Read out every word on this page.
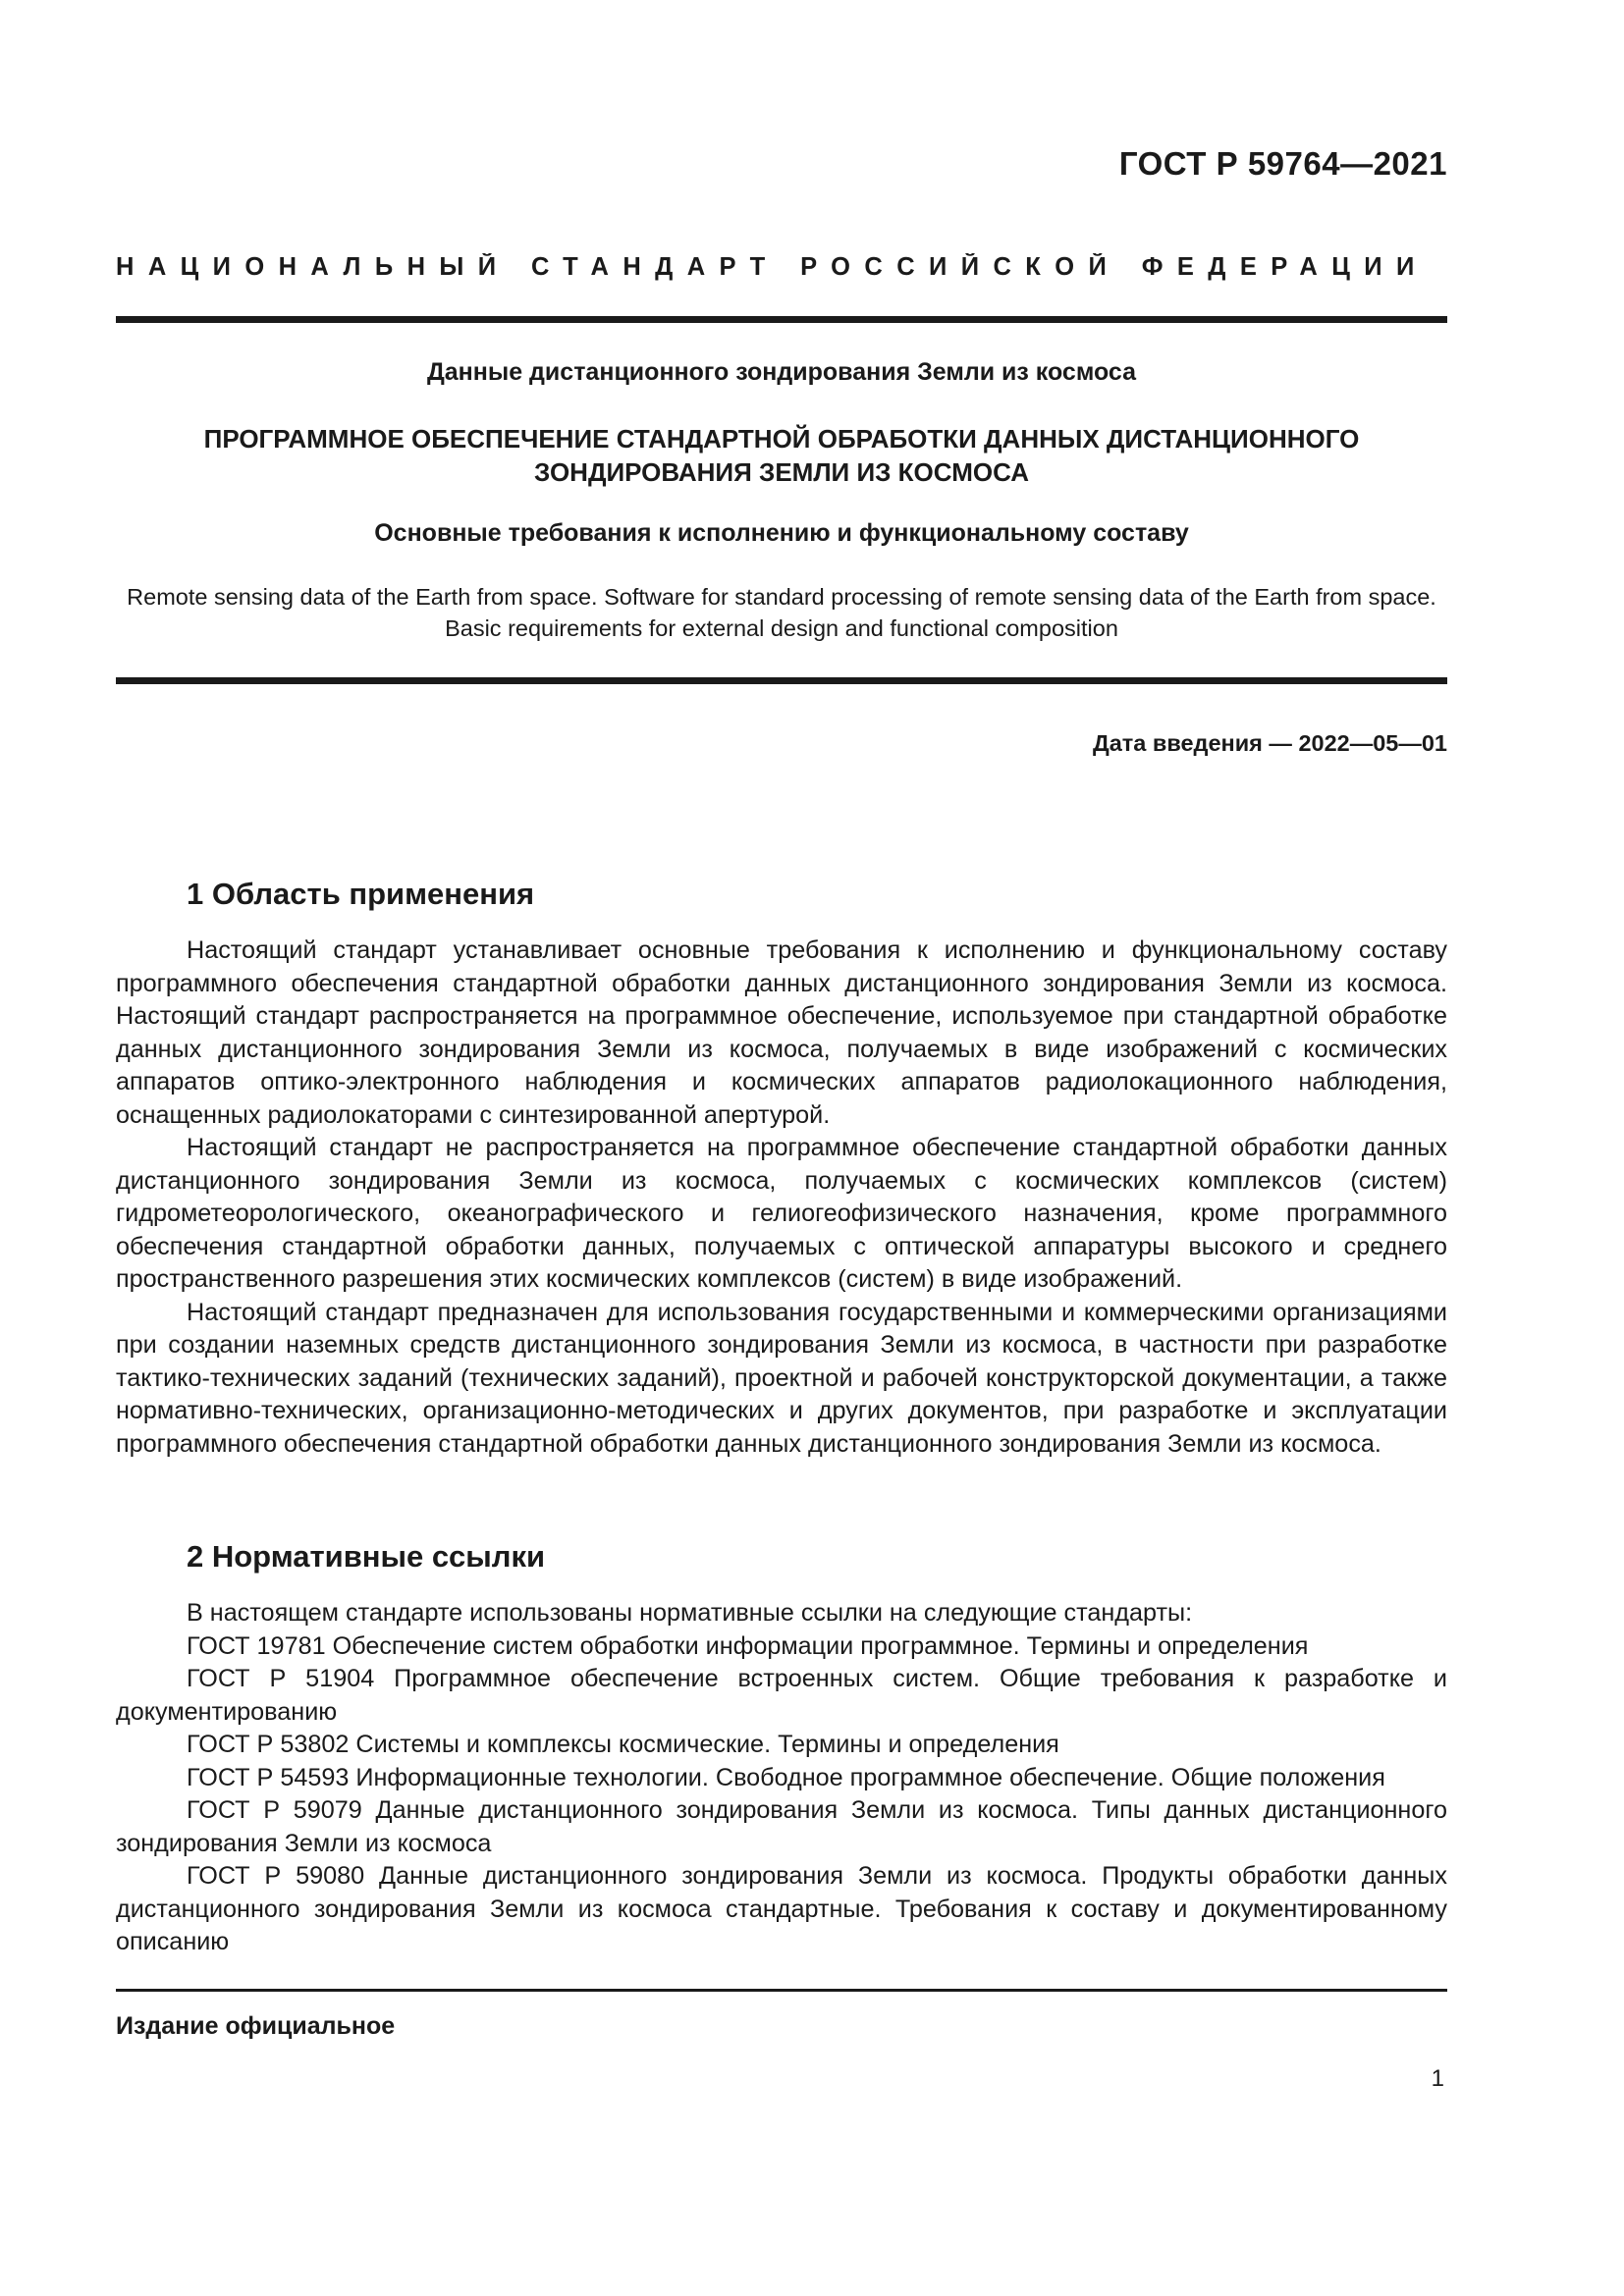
ГОСТ Р 59764—2021
НАЦИОНАЛЬНЫЙ СТАНДАРТ РОССИЙСКОЙ ФЕДЕРАЦИИ
Данные дистанционного зондирования Земли из космоса
ПРОГРАММНОЕ ОБЕСПЕЧЕНИЕ СТАНДАРТНОЙ ОБРАБОТКИ ДАННЫХ ДИСТАНЦИОННОГО ЗОНДИРОВАНИЯ ЗЕМЛИ ИЗ КОСМОСА
Основные требования к исполнению и функциональному составу
Remote sensing data of the Earth from space. Software for standard processing of remote sensing data of the Earth from space. Basic requirements for external design and functional composition
Дата введения — 2022—05—01
1 Область применения

Настоящий стандарт устанавливает основные требования к исполнению и функциональному составу программного обеспечения стандартной обработки данных дистанционного зондирования Земли из космоса. Настоящий стандарт распространяется на программное обеспечение, используемое при стандартной обработке данных дистанционного зондирования Земли из космоса, получаемых в виде изображений с космических аппаратов оптико-электронного наблюдения и космических аппаратов радиолокационного наблюдения, оснащенных радиолокаторами с синтезированной апертурой.

Настоящий стандарт не распространяется на программное обеспечение стандартной обработки данных дистанционного зондирования Земли из космоса, получаемых с космических комплексов (систем) гидрометеорологического, океанографического и гелиогеофизического назначения, кроме программного обеспечения стандартной обработки данных, получаемых с оптической аппаратуры высокого и среднего пространственного разрешения этих космических комплексов (систем) в виде изображений.

Настоящий стандарт предназначен для использования государственными и коммерческими организациями при создании наземных средств дистанционного зондирования Земли из космоса, в частности при разработке тактико-технических заданий (технических заданий), проектной и рабочей конструкторской документации, а также нормативно-технических, организационно-методических и других документов, при разработке и эксплуатации программного обеспечения стандартной обработки данных дистанционного зондирования Земли из космоса.

2 Нормативные ссылки

В настоящем стандарте использованы нормативные ссылки на следующие стандарты:

ГОСТ 19781 Обеспечение систем обработки информации программное. Термины и определения

ГОСТ Р 51904 Программное обеспечение встроенных систем. Общие требования к разработке и документированию

ГОСТ Р 53802 Системы и комплексы космические. Термины и определения

ГОСТ Р 54593 Информационные технологии. Свободное программное обеспечение. Общие положения

ГОСТ Р 59079 Данные дистанционного зондирования Земли из космоса. Типы данных дистанционного зондирования Земли из космоса

ГОСТ Р 59080 Данные дистанционного зондирования Земли из космоса. Продукты обработки данных дистанционного зондирования Земли из космоса стандартные. Требования к составу и документированному описанию

Издание официальное
1
